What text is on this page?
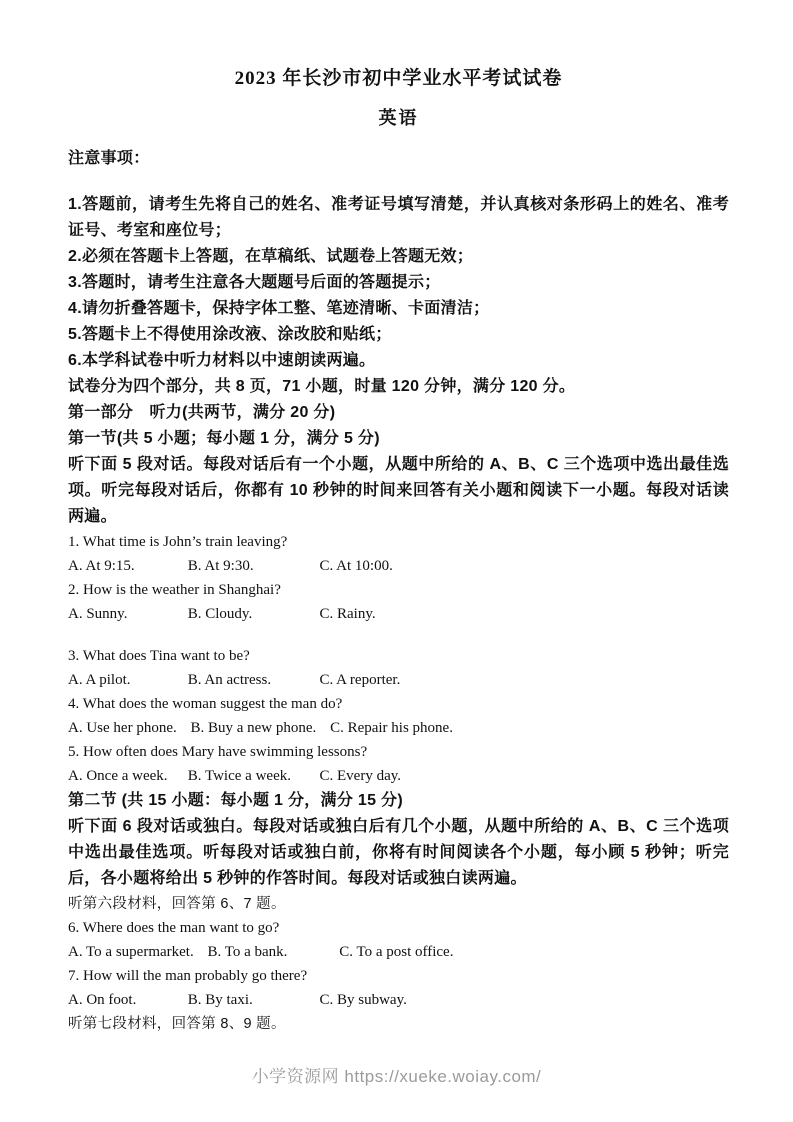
2023 年长沙市初中学业水平考试试卷
英语

注意事项：

1.答题前，请考生先将自己的姓名、准考证号填写清楚，并认真核对条形码上的姓名、准考证号、考室和座位号；

2.必须在答题卡上答题，在草稿纸、试题卷上答题无效；

3.答题时，请考生注意各大题题号后面的答题提示；

4.请勿折叠答题卡，保持字体工整、笔迹清晰、卡面清洁；

5.答题卡上不得使用涂改液、涂改胶和贴纸；

6.本学科试卷中听力材料以中速朗读两遍。

试卷分为四个部分，共 8 页，71 小题，时量 120 分钟，满分 120 分。

第一部分　听力(共两节，满分 20 分)

第一节(共 5 小题；每小题 1 分，满分 5 分)

听下面 5 段对话。每段对话后有一个小题，从题中所给的 A、B、C 三个选项中选出最佳选项。听完每段对话后，你都有 10 秒钟的时间来回答有关小题和阅读下一小题。每段对话读两遍。

1. What time is John’s train leaving?

A. At 9:15.	B. At 9:30.	C. At 10:00.

2. How is the weather in Shanghai?

A. Sunny.	B. Cloudy.	C. Rainy.

3. What does Tina want to be?

A. A pilot.	B. An actress.	C. A reporter.

4. What does the woman suggest the man do?

A. Use her phone. B. Buy a new phone. C. Repair his phone.

5. How often does Mary have swimming lessons?

A. Once a week. B. Twice a week. C. Every day.

第二节 (共 15 小题：每小题 1 分，满分 15 分)

听下面 6 段对话或独白。每段对话或独白后有几个小题，从题中所给的 A、B、C 三个选项中选出最佳选项。听每段对话或独白前，你将有时间阅读各个小题，每小顾 5 秒钟；听完后，各小题将给出 5 秒钟的作答时间。每段对话或独白读两遍。

听第六段材料，回答第 6、7 题。

6. Where does the man want to go?

A. To a supermarket. B. To a bank.	C. To a post office.

7. How will the man probably go there?

A. On foot.	B. By taxi.	C. By subway.

听第七段材料，回答第 8、9 题。

小学资源网 https://xueke.woiay.com/
